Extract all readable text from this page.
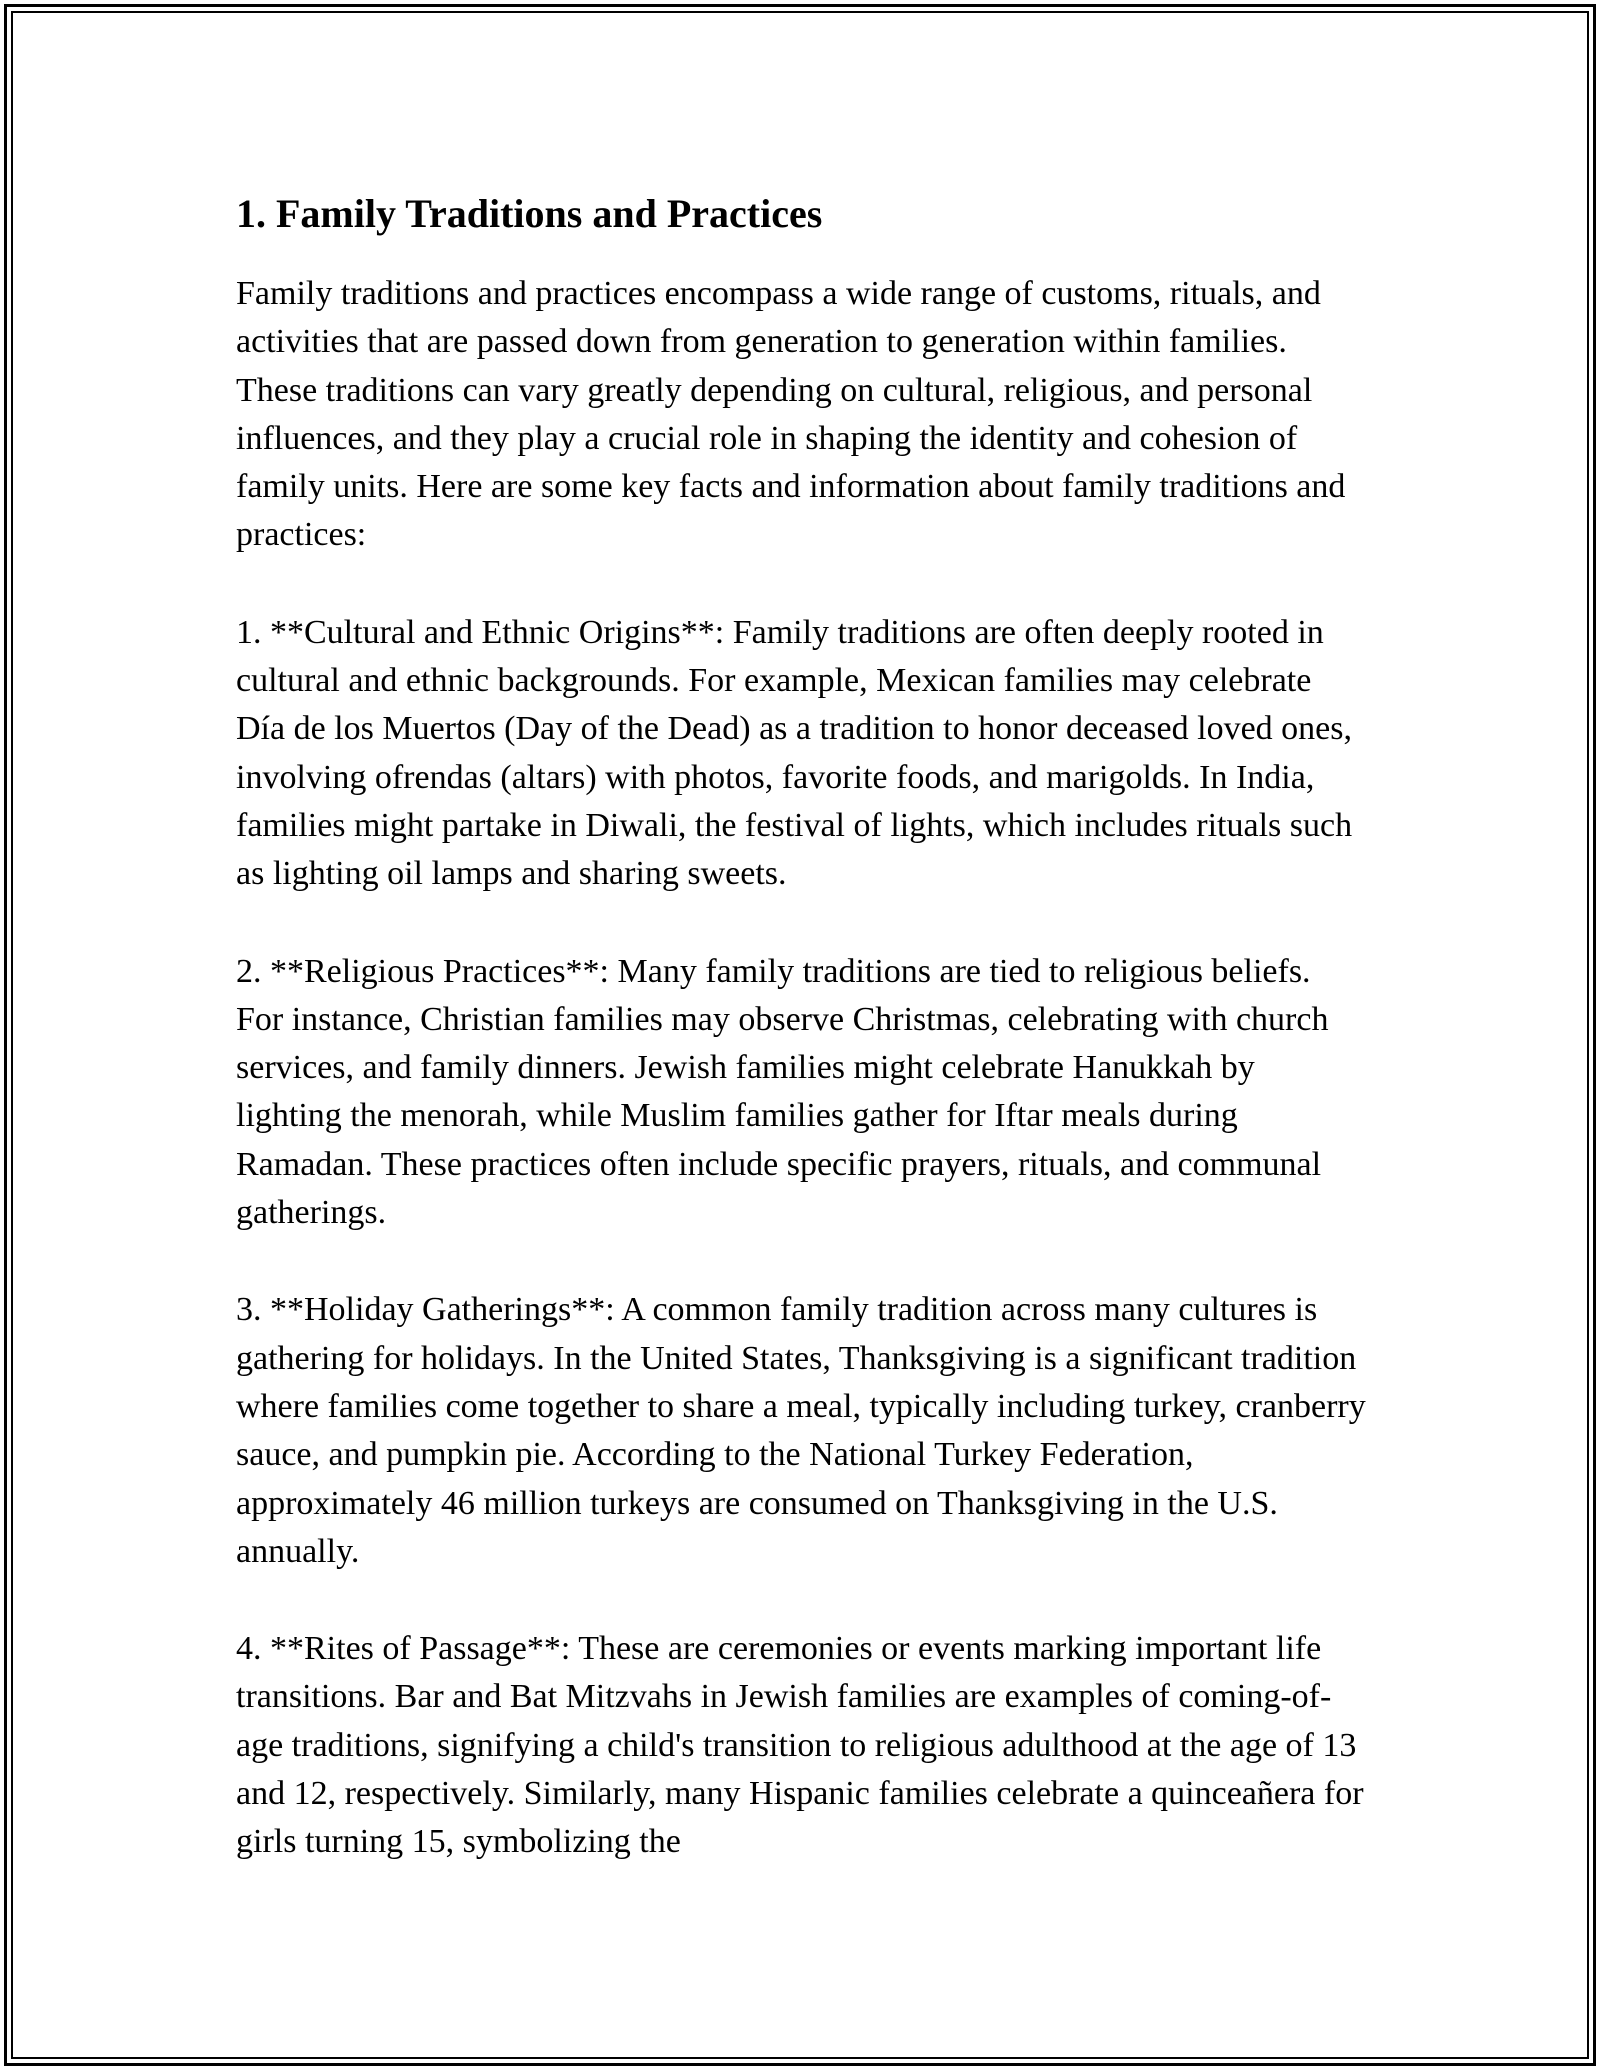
1. Family Traditions and Practices

Family traditions and practices encompass a wide range of customs, rituals, and activities that are passed down from generation to generation within families. These traditions can vary greatly depending on cultural, religious, and personal influences, and they play a crucial role in shaping the identity and cohesion of family units. Here are some key facts and information about family traditions and practices:

1. **Cultural and Ethnic Origins**: Family traditions are often deeply rooted in cultural and ethnic backgrounds. For example, Mexican families may celebrate Día de los Muertos (Day of the Dead) as a tradition to honor deceased loved ones, involving ofrendas (altars) with photos, favorite foods, and marigolds. In India, families might partake in Diwali, the festival of lights, which includes rituals such as lighting oil lamps and sharing sweets.

2. **Religious Practices**: Many family traditions are tied to religious beliefs. For instance, Christian families may observe Christmas, celebrating with church services, and family dinners. Jewish families might celebrate Hanukkah by lighting the menorah, while Muslim families gather for Iftar meals during Ramadan. These practices often include specific prayers, rituals, and communal gatherings.

3. **Holiday Gatherings**: A common family tradition across many cultures is gathering for holidays. In the United States, Thanksgiving is a significant tradition where families come together to share a meal, typically including turkey, cranberry sauce, and pumpkin pie. According to the National Turkey Federation, approximately 46 million turkeys are consumed on Thanksgiving in the U.S. annually.

4. **Rites of Passage**: These are ceremonies or events marking important life transitions. Bar and Bat Mitzvahs in Jewish families are examples of coming-of-age traditions, signifying a child's transition to religious adulthood at the age of 13 and 12, respectively. Similarly, many Hispanic families celebrate a quinceañera for girls turning 15, symbolizing the
